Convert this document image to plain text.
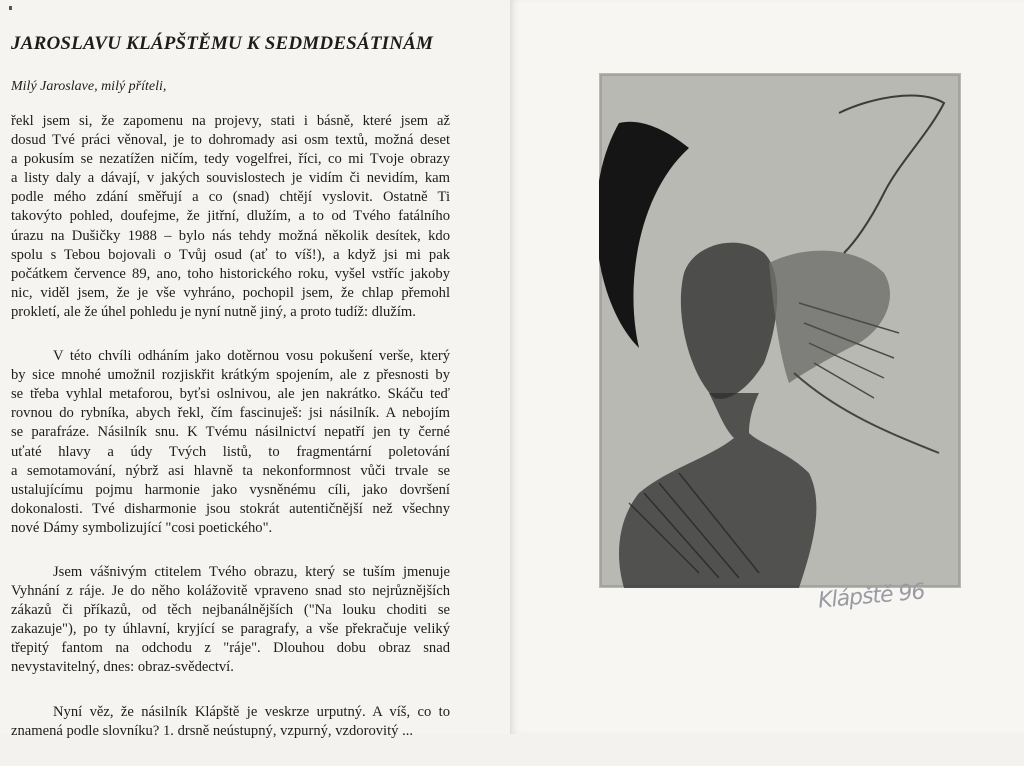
JAROSLAVU KLÁPŠTĚMU K SEDMDESÁTINÁM

Milý Jaroslave, milý příteli,

řekl jsem si, že zapomenu na projevy, stati i básně, které jsem až
dosud Tvé práci věnoval, je to dohromady asi osm textů, možná deset
a pokusím se nezatížen ničím, tedy vogelfrei, říci, co mi Tvoje obrazy
a listy daly a dávají, v jakých souvislostech je vidím či nevidím, kam
podle mého zdání směřují a co (snad) chtějí vyslovit. Ostatně Ti
takovýto pohled, doufejme, že jitřní, dlužím, a to od Tvého fatálního
úrazu na Dušičky 1988 – bylo nás tehdy možná několik desítek, kdo
spolu s Tebou bojovali o Tvůj osud (ať to víš!), a když jsi mi pak
počátkem července 89, ano, toho historického roku, vyšel vstříc jakoby
nic, viděl jsem, že je vše vyhráno, pochopil jsem, že chlap přemohl
prokletí, ale že úhel pohledu je nyní nutně jiný, a proto tudíž: dlužím.

V této chvíli odháním jako dotěrnou vosu pokušení verše, který
by sice mnohé umožnil rozjiskřit krátkým spojením, ale z přesnosti by
se třeba vyhlal metaforou, byťsi oslnivou, ale jen nakrátko. Skáču teď
rovnou do rybníka, abych řekl, čím fascinuješ: jsi násilník. A nebojím
se parafráze. Násilník snu. K Tvému násilnictví nepatří jen ty černé
uťaté hlavy a údy Tvých listů, to fragmentární poletování
a semotamování, nýbrž asi hlavně ta nekonformnost vůči trvale se
ustalujícímu pojmu harmonie jako vysněnému cíli, jako dovršení
dokonalosti. Tvé disharmonie jsou stokrát autentičnější než všechny
nové Dámy symbolizující "cosi poetického".

Jsem vášnivým ctitelem Tvého obrazu, který se tuším jmenuje
Vyhnání z ráje. Je do něho kolážovitě vpraveno snad sto nejrůznějších
zákazů či příkazů, od těch nejbanálnějších ("Na louku choditi se
zakazuje"), po ty úhlavní, kryjící se paragrafy, a vše překračuje veliký
třepitý fantom na odchodu z "ráje". Dlouhou dobu obraz snad
nevystavitelný, dnes: obraz-svědectví.

Nyní věz, že násilník Klápště je veskrze urputný. A víš, co to
znamená podle slovníku? 1. drsně neústupný, vzpurný, vzdorovitý ...

Klápště 96
